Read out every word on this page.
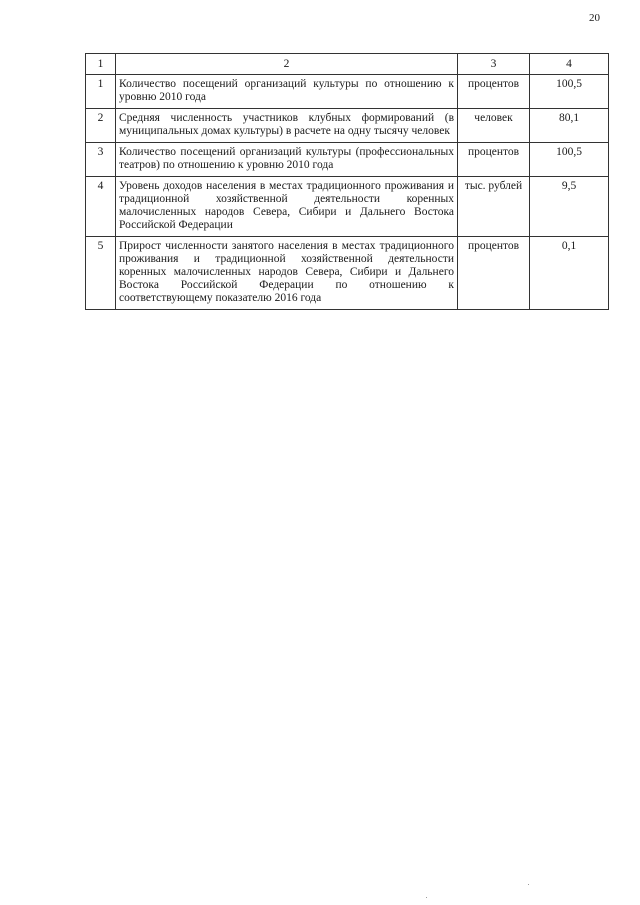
20
1	2	3	4
1	Количество посещений организаций культуры по отношению к уровню 2010 года	процентов	100,5
2	Средняя численность участников клубных формирований (в муниципальных домах культуры) в расчете на одну тысячу человек	человек	80,1
3	Количество посещений организаций культуры (профессиональных театров) по отношению к уровню 2010 года	процентов	100,5
4	Уровень доходов населения в местах традиционного проживания и традиционной хозяйственной деятельности коренных малочисленных народов Севера, Сибири и Дальнего Востока Российской Федерации	тыс. рублей	9,5
5	Прирост численности занятого населения в местах традиционного проживания и традиционной хозяйственной деятельности коренных малочисленных народов Севера, Сибири и Дальнего Востока Российской Федерации по отношению к соответствующему показателю 2016 года	процентов	0,1
